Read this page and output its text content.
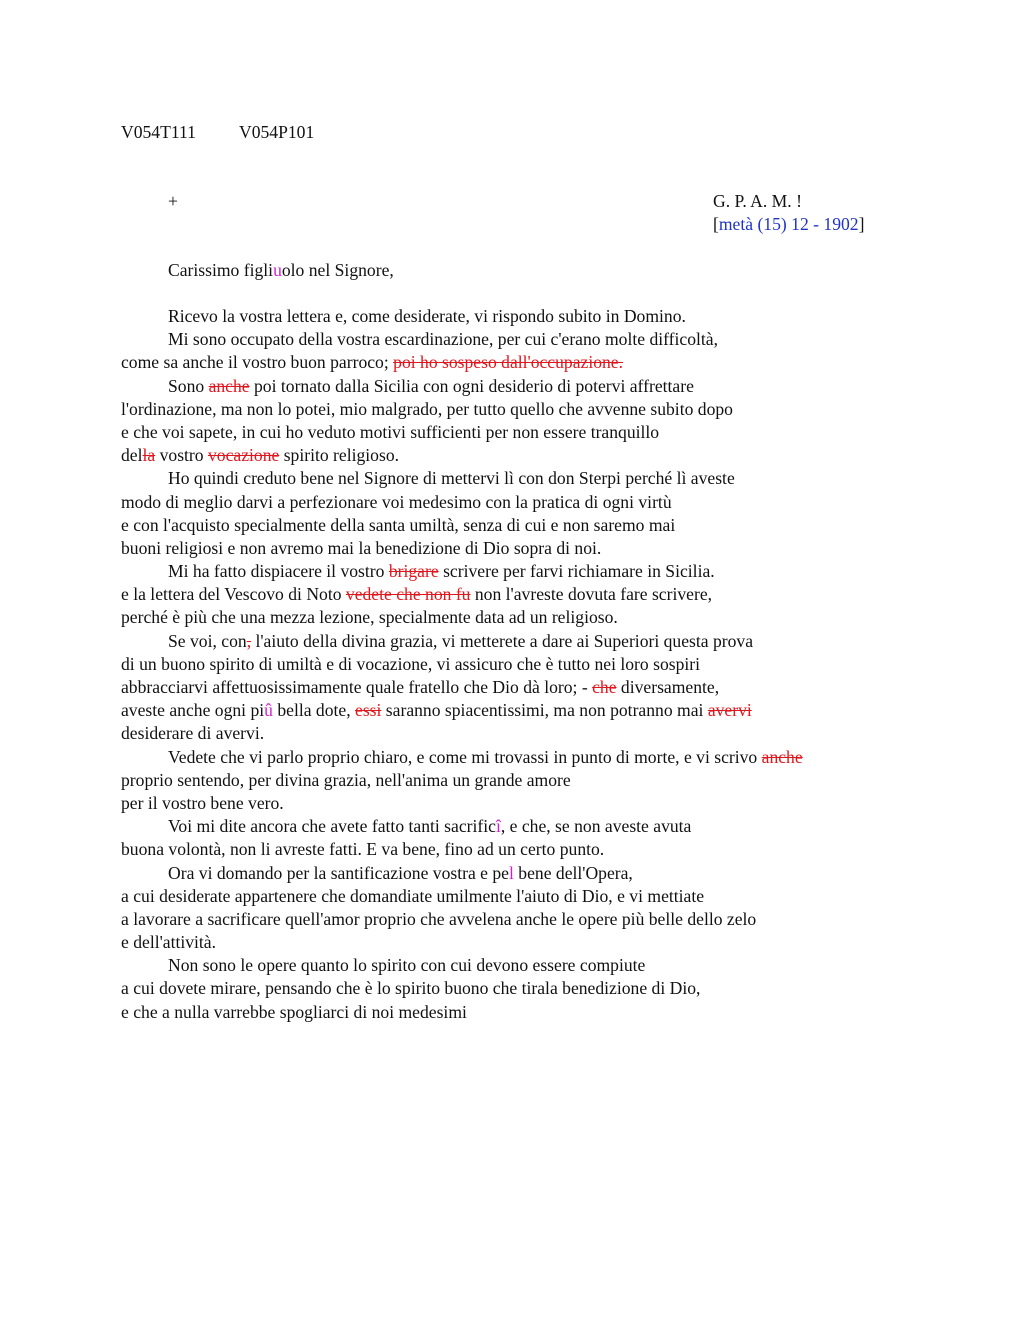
V054T111 V054P101
+	G. P. A. M. !
[metà (15) 12 - 1902]
Carissimo figliuolo nel Signore,
Ricevo la vostra lettera e, come desiderate, vi rispondo subito in Domino.
Mi sono occupato della vostra escardinazione, per cui c'erano molte difficoltà,
come sa anche il vostro buon parroco; poi ho sospeso dall'occupazione.
Sono anche poi tornato dalla Sicilia con ogni desiderio di potervi affrettare
l'ordinazione, ma non lo potei, mio malgrado, per tutto quello che avvenne subito dopo
e che voi sapete, in cui ho veduto motivi sufficienti per non essere tranquillo
della vostro vocazione spirito religioso.
Ho quindi creduto bene nel Signore di mettervi lì con don Sterpi perché lì aveste
modo di meglio darvi a perfezionare voi medesimo con la pratica di ogni virtù
e con l'acquisto specialmente della santa umiltà, senza di cui e non saremo mai
buoni religiosi e non avremo mai la benedizione di Dio sopra di noi.
Mi ha fatto dispiacere il vostro brigare scrivere per farvi richiamare in Sicilia.
e la lettera del Vescovo di Noto vedete che non fu non l'avreste dovuta fare scrivere,
perché è più che una mezza lezione, specialmente data ad un religioso.
Se voi, con, l'aiuto della divina grazia, vi metterete a dare ai Superiori questa prova
di un buono spirito di umiltà e di vocazione, vi assicuro che è tutto nei loro sospiri
abbracciarvi affettuosissimamente quale fratello che Dio dà loro; - che diversamente,
aveste anche ogni piû bella dote, essi saranno spiacentissimi, ma non potranno mai avervi
desiderare di avervi.
Vedete che vi parlo proprio chiaro, e come mi trovassi in punto di morte, e vi scrivo anche
proprio sentendo, per divina grazia, nell'anima un grande amore
per il vostro bene vero.
Voi mi dite ancora che avete fatto tanti sacrificî, e che, se non aveste avuta
buona volontà, non li avreste fatti. E va bene, fino ad un certo punto.
Ora vi domando per la santificazione vostra e pel bene dell'Opera,
a cui desiderate appartenere che domandiate umilmente l'aiuto di Dio, e vi mettiate
a lavorare a sacrificare quell'amor proprio che avvelena anche le opere più belle dello zelo
e dell'attività.
Non sono le opere quanto lo spirito con cui devono essere compiute
a cui dovete mirare, pensando che è lo spirito buono che tirala benedizione di Dio,
e che a nulla varrebbe spogliarci di noi medesimi
